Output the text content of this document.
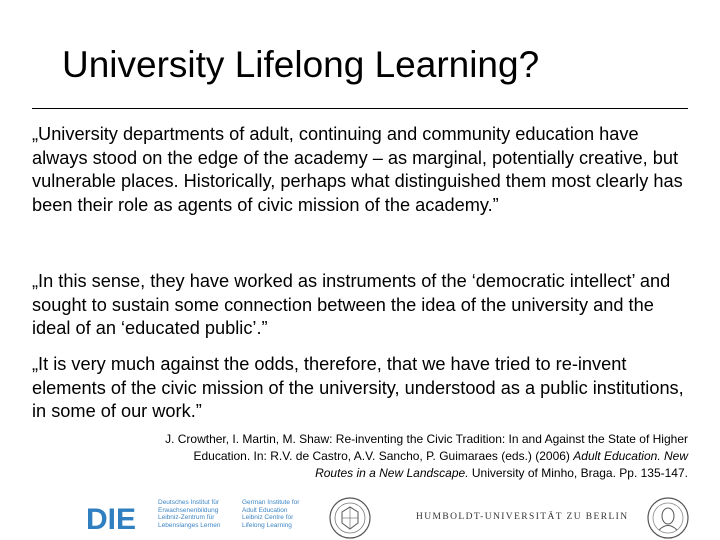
University Lifelong Learning?

„University departments of adult, continuing and community education have always stood on the edge of the academy – as marginal, potentially creative, but vulnerable places. Historically, perhaps what distinguished them most clearly has been their role as agents of civic mission of the academy.”

„In this sense, they have worked as instruments of the ‘democratic intellect’ and sought to sustain some connection between the idea of the university and the ideal of an ‘educated public’.”

„It is very much against the odds, therefore, that we have tried to re-invent elements of the civic mission of the university, understood as a public institutions, in some of our work.”

J. Crowther, I. Martin, M. Shaw: Re-inventing the Civic Tradition: In and Against the State of Higher
Education. In: R.V. de Castro, A.V. Sancho, P. Guimaraes (eds.) (2006) Adult Education. New
Routes in a New Landscape. University of Minho, Braga. Pp. 135-147.
DIE
Deutsches Institut für
Erwachsenenbildung
Leibniz-Zentrum für
Lebenslanges Lernen
German Institute for
Adult Education
Leibniz Centre for
Lifelong Learning
HUMBOLDT-UNIVERSITÄT ZU BERLIN
